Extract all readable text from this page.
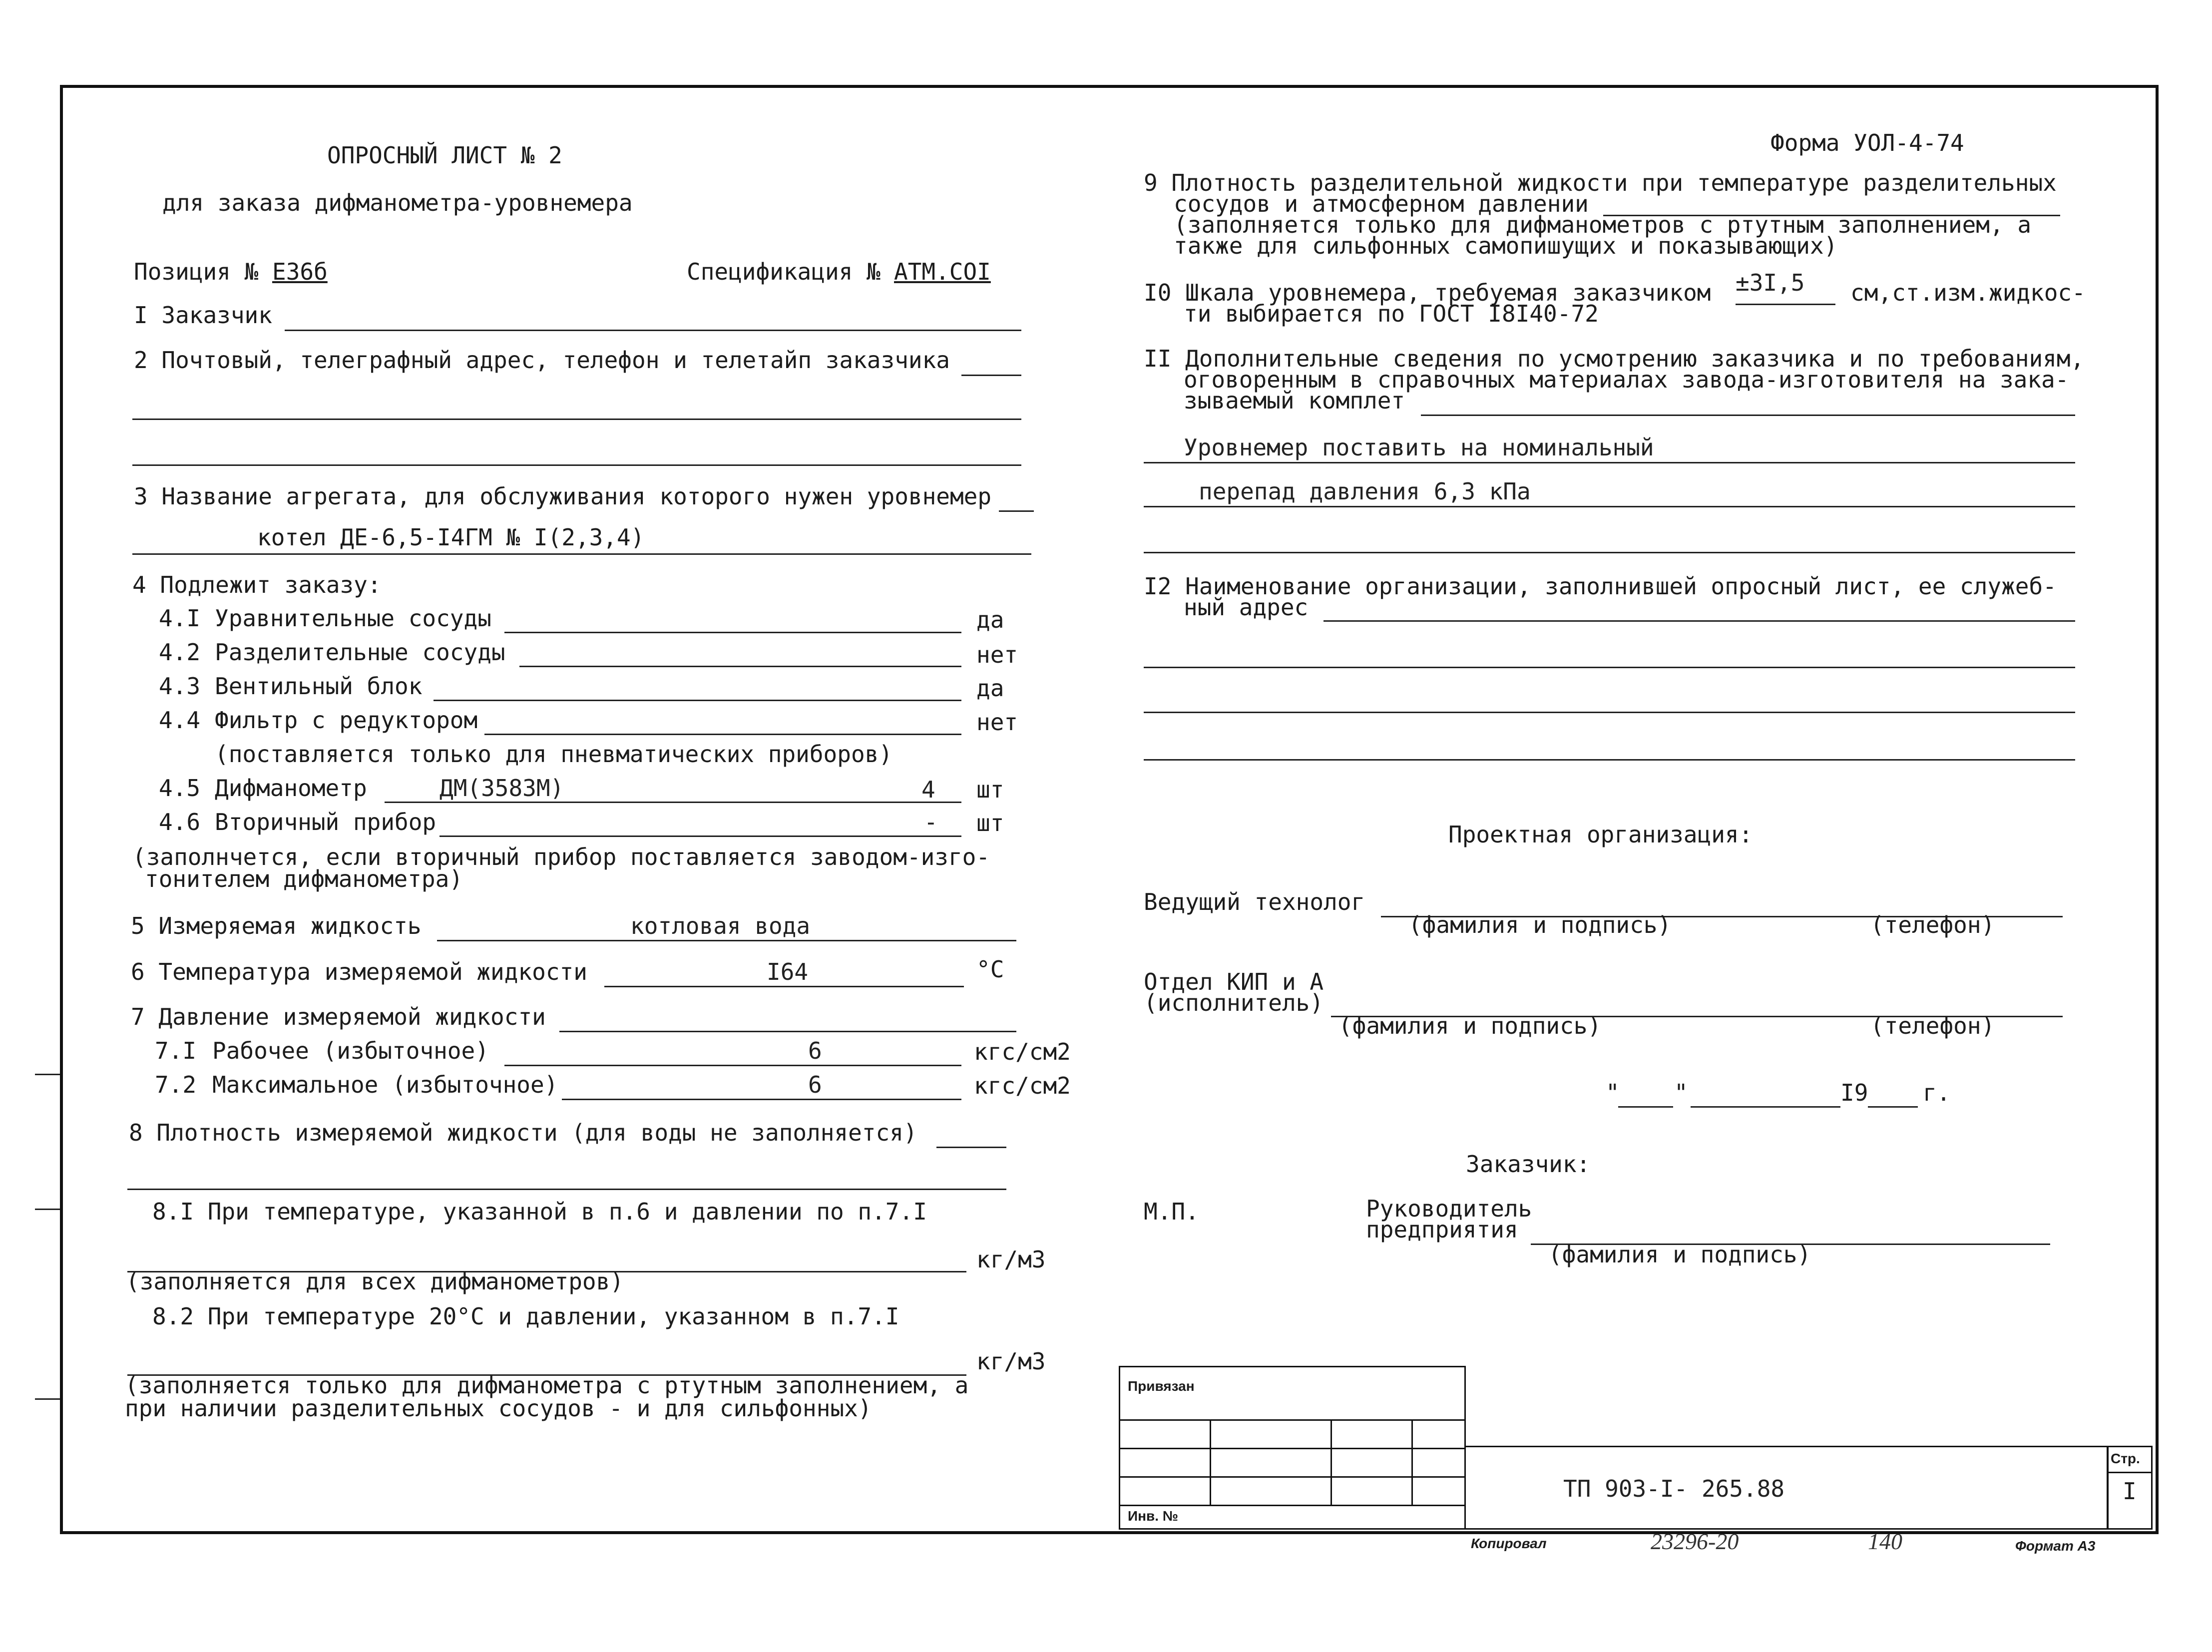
ОПРОСНЫЙ ЛИСТ № 2
для заказа дифманометра-уровнемера
Позиция № Е36б	Спецификация № АТМ.СОI
I Заказчик
2 Почтовый, телеграфный адрес, телефон и телетайп заказчика
3 Название агрегата, для обслуживания которого нужен уровнемер
котел ДЕ-6,5-I4ГМ № I(2,3,4)
4 Подлежит заказу:
4.I Уравнительные сосуды	да
4.2 Разделительные сосуды	нет
4.3 Вентильный блок	да
4.4 Фильтр с редуктором	нет
(поставляется только для пневматических приборов)
4.5 Дифманометр	ДМ(3583М)	4 шт
4.6 Вторичный прибор	- шт
(заполнчется, если вторичный прибор поставляется заводом-изго-
тонителем дифманометра)
5 Измеряемая жидкость	котловая вода
6 Температура измеряемой жидкости	I64	°С
7 Давление измеряемой жидкости
7.I Рабочее (избыточное)	6	кгс/см2
7.2 Максимальное (избыточное)	6	кгс/см2
8 Плотность измеряемой жидкости (для воды не заполняется)
8.I При температуре, указанной в п.6 и давлении по п.7.I
кг/м3
(заполняется для всех дифманометров)
8.2 При температуре 20°С и давлении, указанном в п.7.I
кг/м3
(заполняется только для дифманометра с ртутным заполнением, а
при наличии разделительных сосудов - и для сильфонных)
Форма УОЛ-4-74
9 Плотность разделительной жидкости при температуре разделительных
сосудов и атмосферном давлении
(заполняется только для дифманометров с ртутным заполнением, а
также для сильфонных самопишущих и показывающих)
I0 Шкала уровнемера, требуемая заказчиком ±3I,5 см,ст.изм.жидкос-
ти выбирается по ГОСТ I8I40-72
II Дополнительные сведения по усмотрению заказчика и по требованиям,
оговоренным в справочных материалах завода-изготовителя на зака-
зываемый комплет
Уровнемер поставить на номинальный
перепад давления 6,3 кПа
I2 Наименование организации, заполнившей опросный лист, ее служеб-
ный адрес
Проектная организация:
Ведущий технолог
(фамилия и подпись)	(телефон)
Отдел КИП и А
(исполнитель)
(фамилия и подпись)	(телефон)
" "	I9 г.
Заказчик:
М.П.	Руководитель
предприятия
(фамилия и подпись)
Привязан
Инв. №
ТП 903-I- 265.88
Стр.
I
Копировал	23296-20	140	Формат А3
